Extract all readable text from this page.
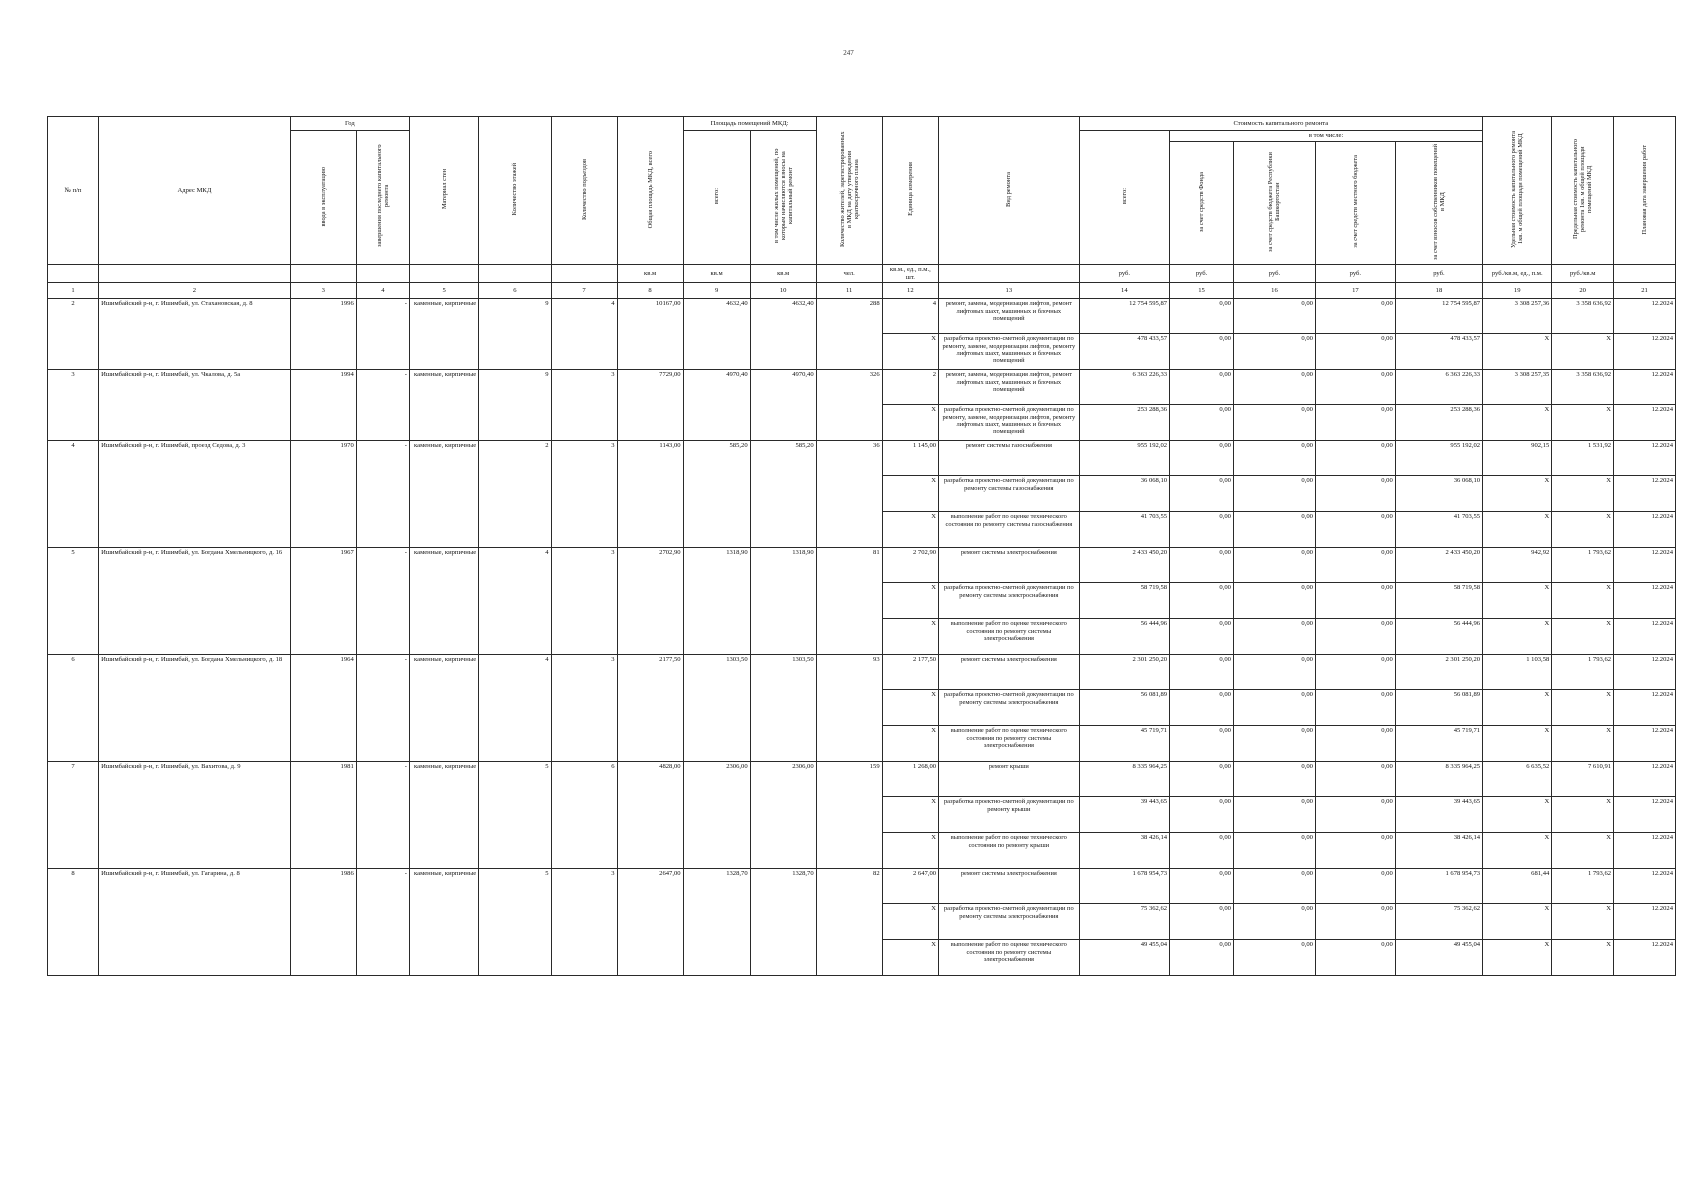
247
№ п/п	Адрес МКД	Год		Материал стен	Количество этажей	Количество подъездов	Общая площадь МКД, всего	Площадь помещений МКД:		Количество жителей, зарегистрированных в МКД на дату утверждения краткосрочного плана	Единица измерения	Вид ремонта	Стоимость капитального ремонта					Удельная стоимость капитального ремонта 1кв. м общей площади помещений МКД	Предельная стоимость капитального ремонта 1кв. м общей площади помещений МКД	Плановая дата завершения работ
		ввода в эксплуатацию	завершения последнего капитального ремонта					всего:	в том числе жилых помещений, по которым начисляются взносы на капитальный ремонт				всего:	в том числе:						
														за счет средств Фонда	за счет средств бюджета Республики Башкортостан	за счет средств местного бюджета	за счет взносов собственников помещений в МКД			
							кв.м	кв.м	кв.м	чел.	кв.м., ед., п.м., шт.		руб.	руб.	руб.	руб.	руб.	руб./кв.м, ед., п.м.	руб./кв.м	
1	2	3	4	5	6	7	8	9	10	11	12	13	14	15	16	17	18	19	20	21
2	Ишимбайский р-н, г. Ишимбай, ул. Стахановская, д. 8	1996	-	каменные, кирпичные	9	4	10167,00	4632,40	4632,40	288	4	ремонт, замена, модернизация лифтов, ремонт лифтовых шахт, машинных и блочных помещений	12 754 595,87	0,00	0,00	0,00	12 754 595,87	3 308 257,36	3 358 636,92	12.2024
											X	разработка проектно-сметной документации по ремонту, замене, модернизации лифтов, ремонту лифтовых шахт, машинных и блочных помещений	478 433,57	0,00	0,00	0,00	478 433,57	X	X	12.2024
3	Ишимбайский р-н, г. Ишимбай, ул. Чкалова, д. 5а	1994	-	каменные, кирпичные	9	3	7729,00	4970,40	4970,40	326	2	ремонт, замена, модернизация лифтов, ремонт лифтовых шахт, машинных и блочных помещений	6 363 226,33	0,00	0,00	0,00	6 363 226,33	3 308 257,35	3 358 636,92	12.2024
											X	разработка проектно-сметной документации по ремонту, замене, модернизации лифтов, ремонту лифтовых шахт, машинных и блочных помещений	253 288,36	0,00	0,00	0,00	253 288,36	X	X	12.2024
4	Ишимбайский р-н, г. Ишимбай, проезд Седова, д. 3	1970	-	каменные, кирпичные	2	3	1143,00	585,20	585,20	36	1 145,00	ремонт системы газоснабжения	955 192,02	0,00	0,00	0,00	955 192,02	902,15	1 531,92	12.2024
											X	разработка проектно-сметной документации по ремонту системы газоснабжения	36 068,10	0,00	0,00	0,00	36 068,10	X	X	12.2024
											X	выполнение работ по оценке технического состояния по ремонту системы газоснабжения	41 703,55	0,00	0,00	0,00	41 703,55	X	X	12.2024
5	Ишимбайский р-н, г. Ишимбай, ул. Богдана Хмельницкого, д. 16	1967	-	каменные, кирпичные	4	3	2702,90	1318,90	1318,90	81	2 702,90	ремонт системы электроснабжения	2 433 450,20	0,00	0,00	0,00	2 433 450,20	942,92	1 793,62	12.2024
											X	разработка проектно-сметной документации по ремонту системы электроснабжения	58 719,58	0,00	0,00	0,00	58 719,58	X	X	12.2024
											X	выполнение работ по оценке технического состояния по ремонту системы электроснабжения	56 444,96	0,00	0,00	0,00	56 444,96	X	X	12.2024
6	Ишимбайский р-н, г. Ишимбай, ул. Богдана Хмельницкого, д. 18	1964	-	каменные, кирпичные	4	3	2177,50	1303,50	1303,50	93	2 177,50	ремонт системы электроснабжения	2 301 250,20	0,00	0,00	0,00	2 301 250,20	1 103,58	1 793,62	12.2024
											X	разработка проектно-сметной документации по ремонту системы электроснабжения	56 081,89	0,00	0,00	0,00	56 081,89	X	X	12.2024
											X	выполнение работ по оценке технического состояния по ремонту системы электроснабжения	45 719,71	0,00	0,00	0,00	45 719,71	X	X	12.2024
7	Ишимбайский р-н, г. Ишимбай, ул. Вахитова, д. 9	1981	-	каменные, кирпичные	5	6	4828,00	2306,00	2306,00	159	1 268,00	ремонт крыши	8 335 964,25	0,00	0,00	0,00	8 335 964,25	6 635,52	7 610,91	12.2024
											X	разработка проектно-сметной документации по ремонту крыши	39 443,65	0,00	0,00	0,00	39 443,65	X	X	12.2024
											X	выполнение работ по оценке технического состояния по ремонту крыши	38 426,14	0,00	0,00	0,00	38 426,14	X	X	12.2024
8	Ишимбайский р-н, г. Ишимбай, ул. Гагарина, д. 8	1986	-	каменные, кирпичные	5	3	2647,00	1328,70	1328,70	82	2 647,00	ремонт системы электроснабжения	1 678 954,73	0,00	0,00	0,00	1 678 954,73	681,44	1 793,62	12.2024
											X	разработка проектно-сметной документации по ремонту системы электроснабжения	75 362,62	0,00	0,00	0,00	75 362,62	X	X	12.2024
											X	выполнение работ по оценке технического состояния по ремонту системы электроснабжения	49 455,04	0,00	0,00	0,00	49 455,04	X	X	12.2024
